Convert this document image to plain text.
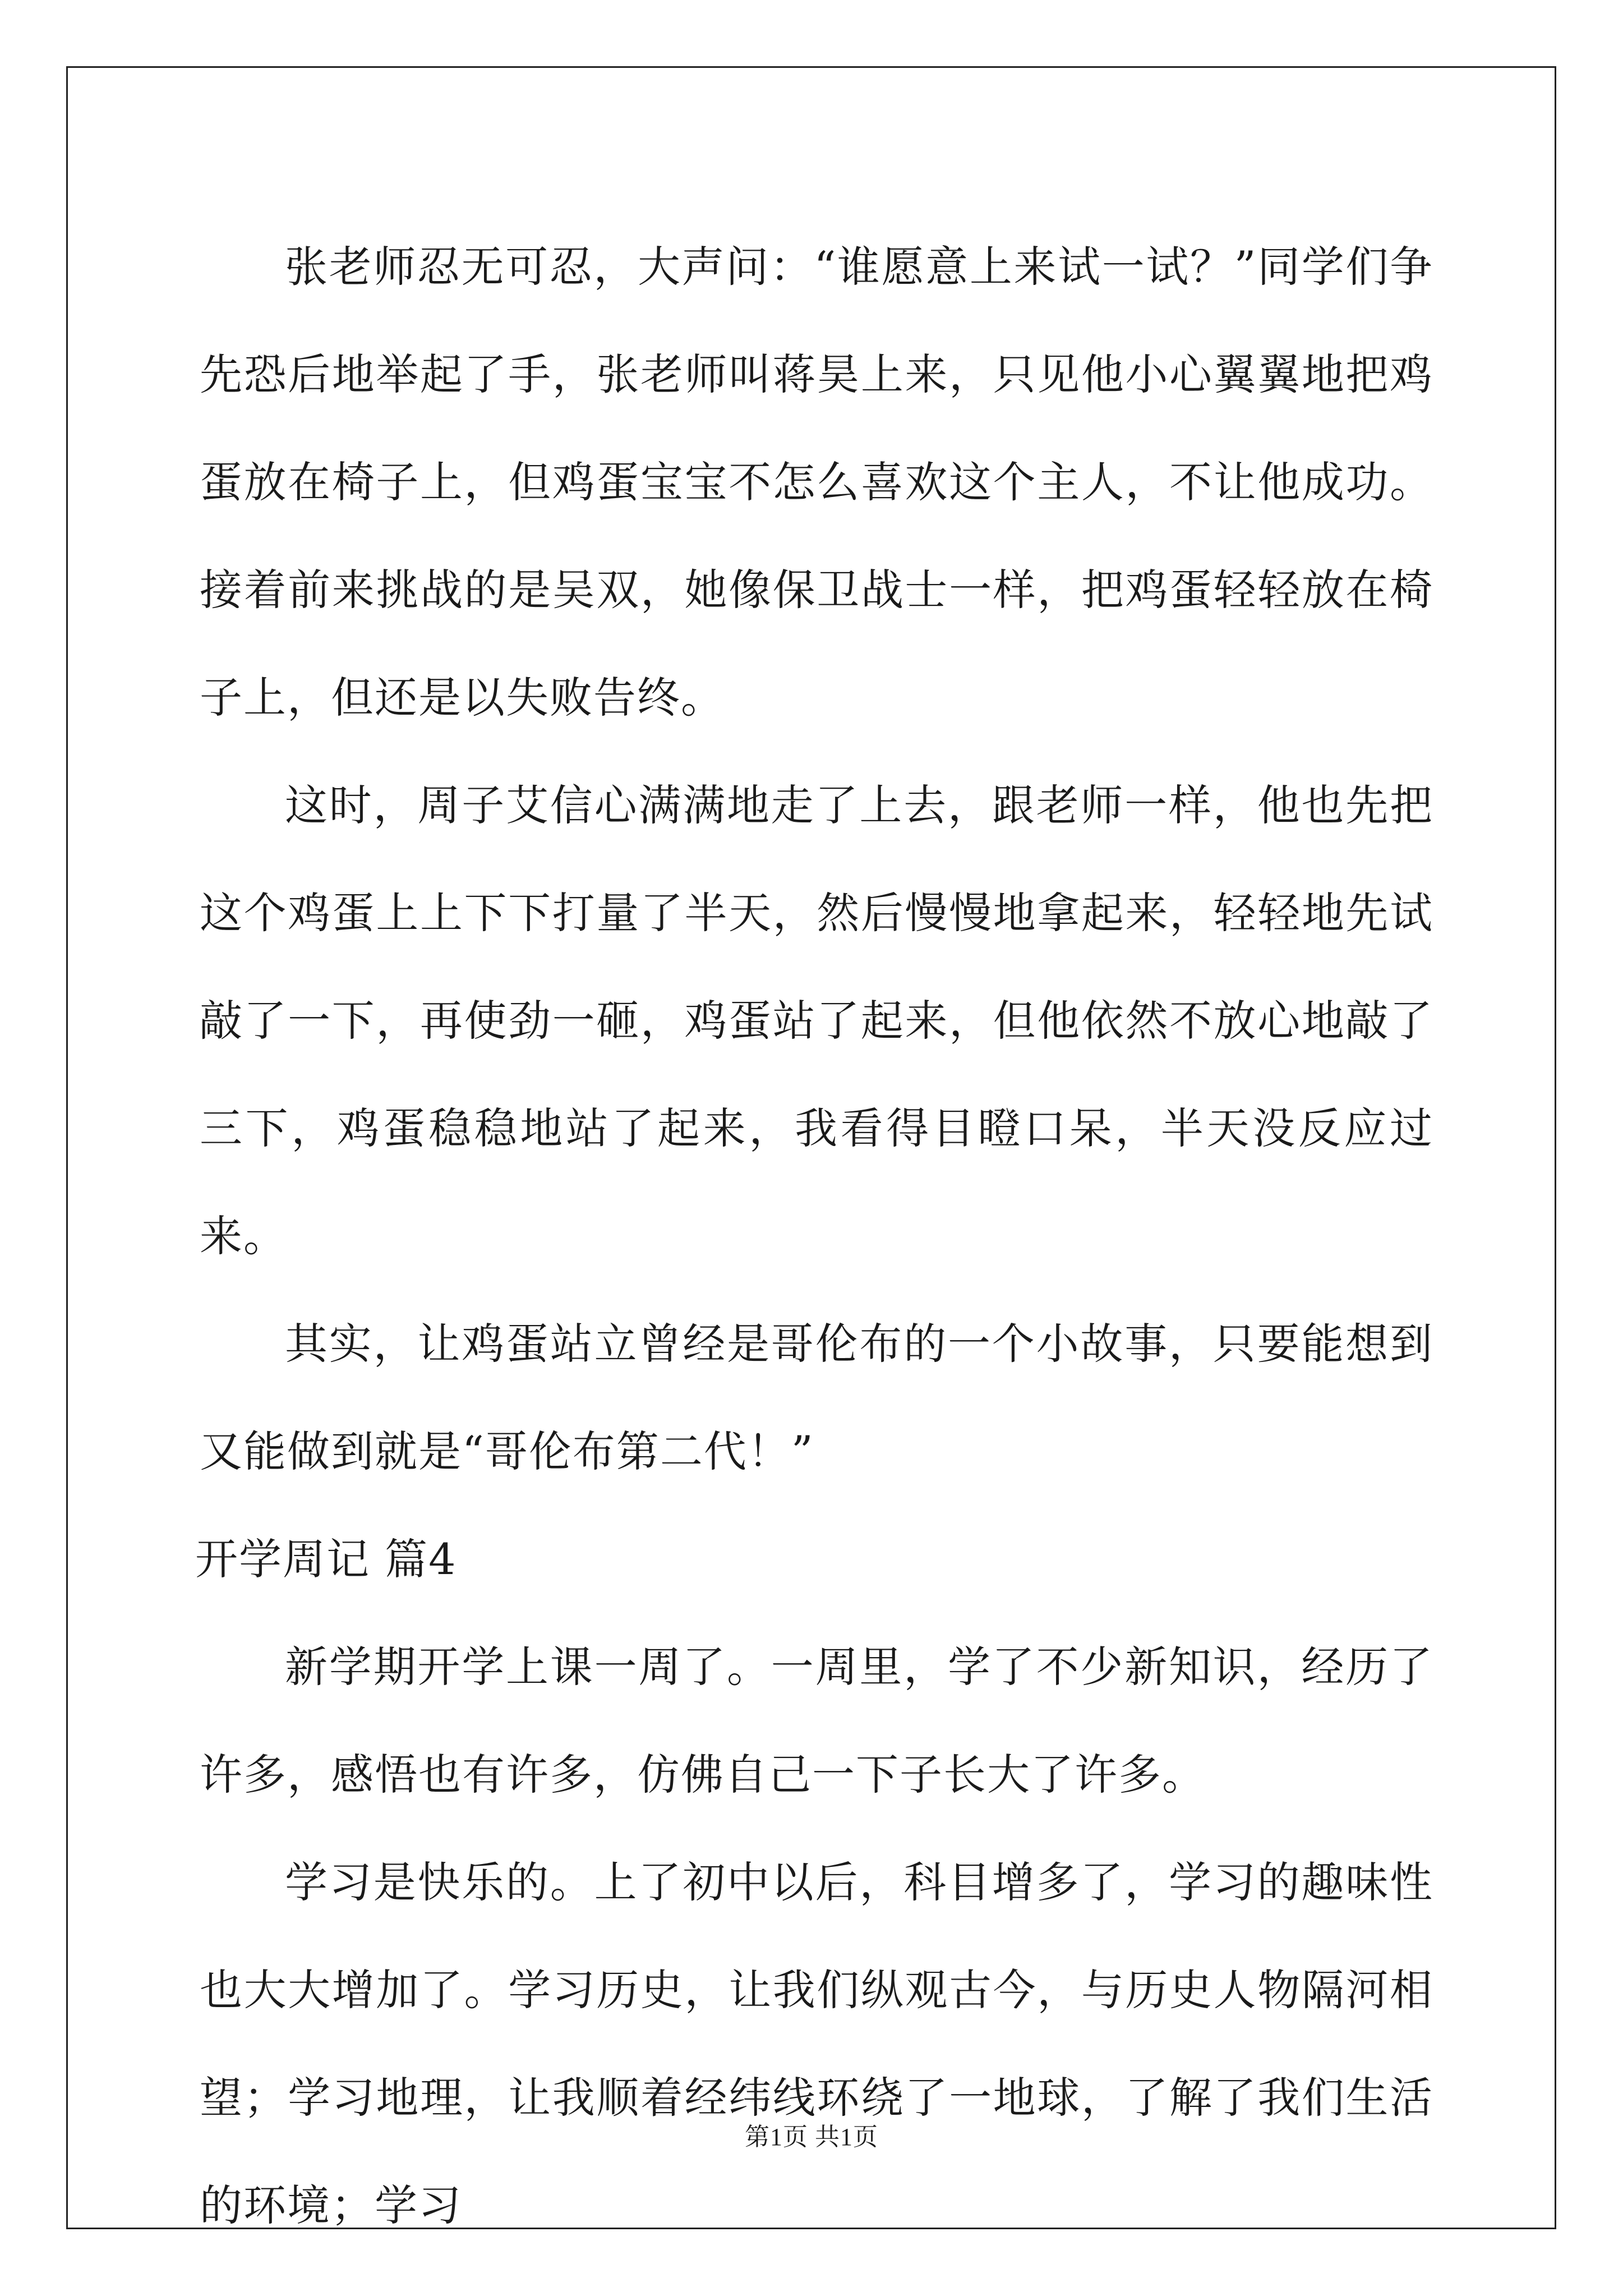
张老师忍无可忍，大声问：“谁愿意上来试一试？”同学们争先恐后地举起了手，张老师叫蒋昊上来，只见他小心翼翼地把鸡蛋放在椅子上，但鸡蛋宝宝不怎么喜欢这个主人，不让他成功。接着前来挑战的是吴双，她像保卫战士一样，把鸡蛋轻轻放在椅子上，但还是以失败告终。

这时，周子艾信心满满地走了上去，跟老师一样，他也先把这个鸡蛋上上下下打量了半天，然后慢慢地拿起来，轻轻地先试敲了一下，再使劲一砸，鸡蛋站了起来，但他依然不放心地敲了三下，鸡蛋稳稳地站了起来，我看得目瞪口呆，半天没反应过来。

其实，让鸡蛋站立曾经是哥伦布的一个小故事，只要能想到又能做到就是“哥伦布第二代！”

开学周记 篇4

新学期开学上课一周了。一周里，学了不少新知识，经历了许多，感悟也有许多，仿佛自己一下子长大了许多。

学习是快乐的。上了初中以后，科目增多了，学习的趣味性也大大增加了。学习历史，让我们纵观古今，与历史人物隔河相望；学习地理，让我顺着经纬线环绕了一地球，了解了我们生活的环境；学习

第1页 共1页
